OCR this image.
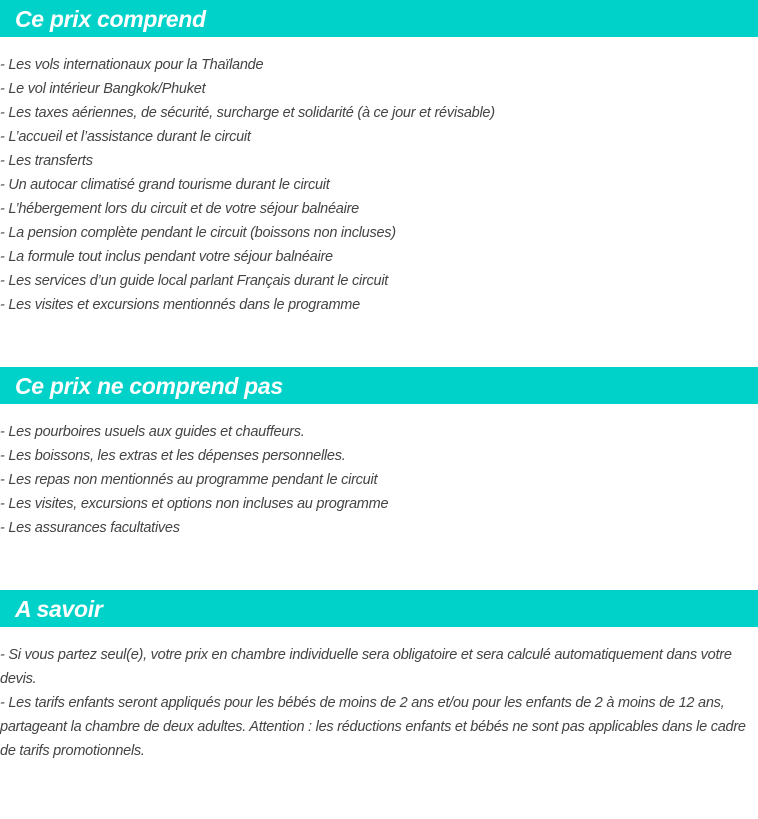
Ce prix comprend
- Les vols internationaux pour la Thaïlande
- Le vol intérieur Bangkok/Phuket
- Les taxes aériennes, de sécurité, surcharge et solidarité (à ce jour et révisable)
- L’accueil et l’assistance durant le circuit
- Les transferts
- Un autocar climatisé grand tourisme durant le circuit
- L’hébergement lors du circuit et de votre séjour balnéaire
- La pension complète pendant le circuit (boissons non incluses)
- La formule tout inclus pendant votre séjour balnéaire
- Les services d’un guide local parlant Français durant le circuit
- Les visites et excursions mentionnés dans le programme
Ce prix ne comprend pas
- Les pourboires usuels aux guides et chauffeurs.
- Les boissons, les extras et les dépenses personnelles.
- Les repas non mentionnés au programme pendant le circuit
- Les visites, excursions et options non incluses au programme
- Les assurances facultatives
A savoir
- Si vous partez seul(e), votre prix en chambre individuelle sera obligatoire et sera calculé automatiquement dans votre devis.
- Les tarifs enfants seront appliqués pour les bébés de moins de 2 ans et/ou pour les enfants de 2 à moins de 12 ans, partageant la chambre de deux adultes. Attention : les réductions enfants et bébés ne sont pas applicables dans le cadre de tarifs promotionnels.
